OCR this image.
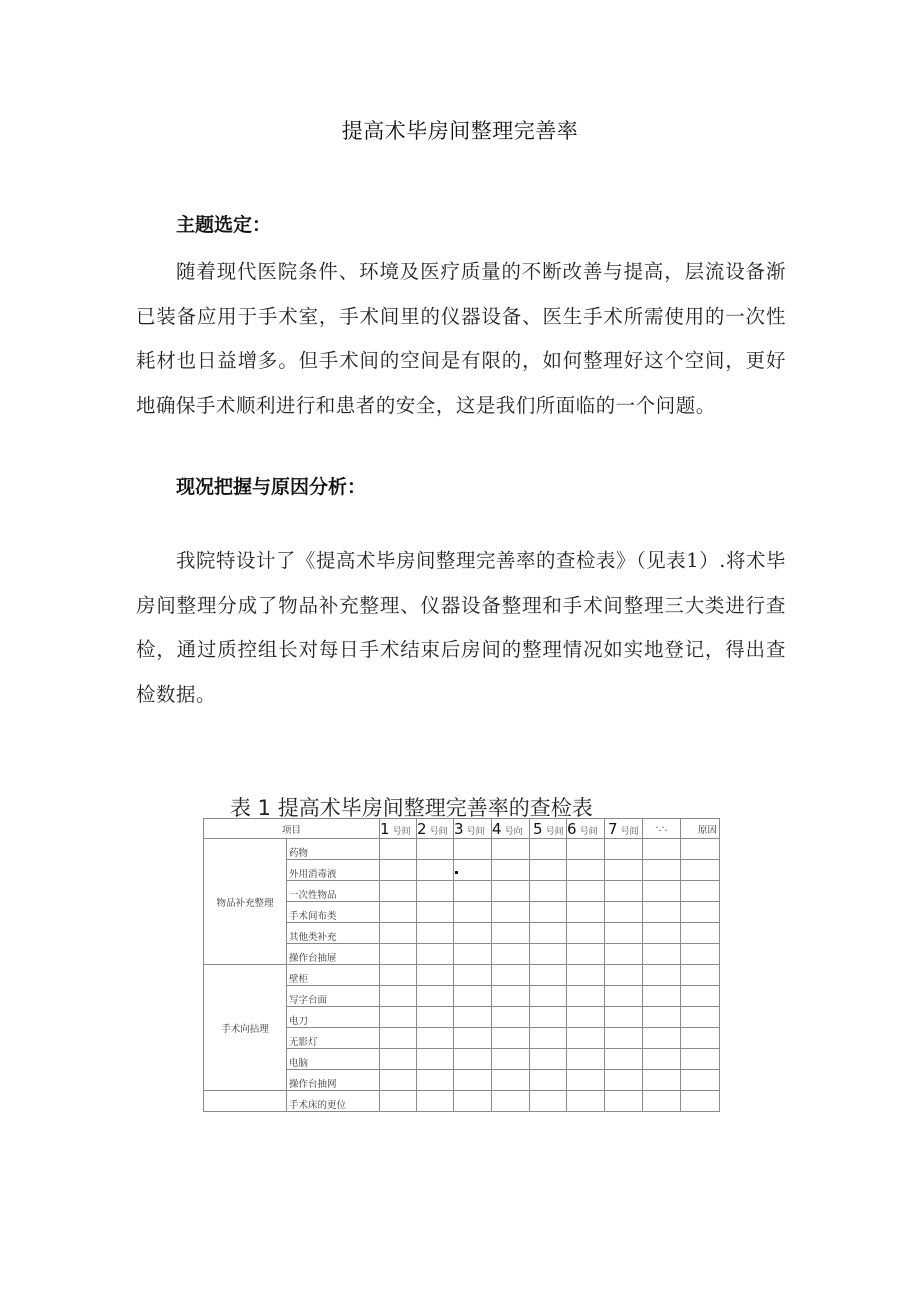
提高术毕房间整理完善率
主题选定：
随着现代医院条件、环境及医疗质量的不断改善与提高，层流设备渐已装备应用于手术室，手术间里的仪器设备、医生手术所需使用的一次性耗材也日益增多。但手术间的空间是有限的，如何整理好这个空间，更好地确保手术顺利进行和患者的安全，这是我们所面临的一个问题。
现况把握与原因分析：
我院特设计了《提高术毕房间整理完善率的查检表》（见表1）.将术毕房间整理分成了物品补充整理、仪器设备整理和手术间整理三大类进行查检，通过质控组长对每日手术结束后房间的整理情况如实地登记，得出查检数据。
表 1 提高术毕房间整理完善率的查检表
项目		1 号间	2 号间	3 号间	4 号向	5 号间	6 号间	7 号闾	·.·.	原因
物品补充整理	药物									
	外用消毒液									
	一次性物品									
	手术间布类									
	其他类补充									
	操作台抽屉									
手术向拈理	壁柜									
	写字台面									
	电刀									
	无影灯									
	电脑									
	操作台抽网									
	手术床的更位									
